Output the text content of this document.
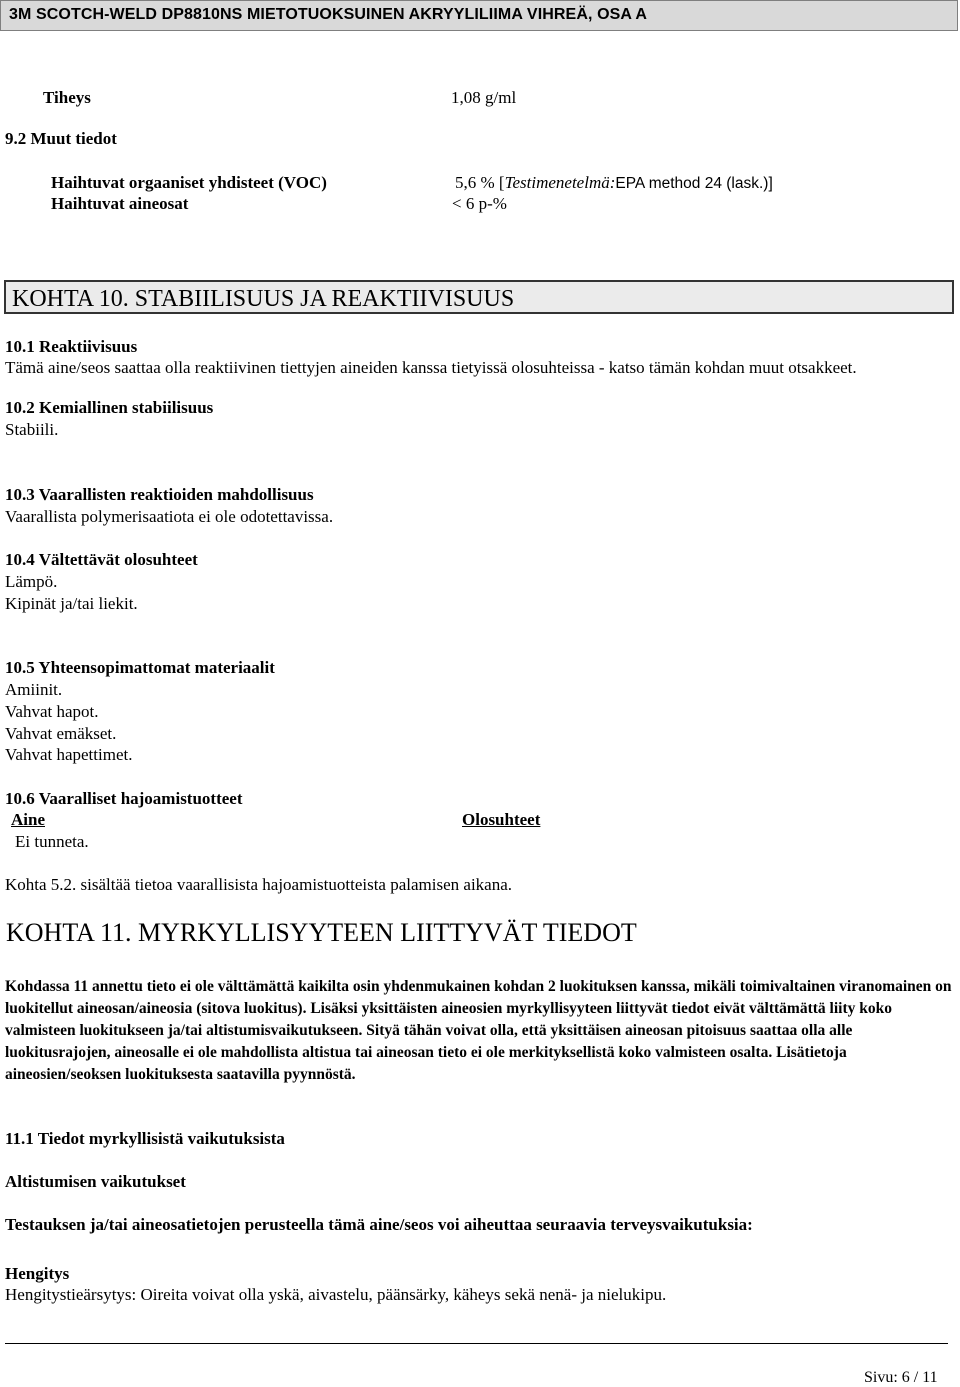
3M SCOTCH-WELD DP8810NS MIETOTUOKSUINEN AKRYYLILIIMA VIHREÄ, OSA A
Tiheys	1,08 g/ml
9.2 Muut tiedot
Haihtuvat orgaaniset yhdisteet (VOC)	5,6 % [Testimenetelmä:EPA method 24 (lask.)]
Haihtuvat aineosat	< 6 p-%
KOHTA 10. STABIILISUUS JA REAKTIIVISUUS
10.1 Reaktiivisuus
Tämä aine/seos saattaa olla reaktiivinen tiettyjen aineiden kanssa tietyissä olosuhteissa - katso tämän kohdan muut otsakkeet.
10.2 Kemiallinen stabiilisuus
Stabiili.
10.3 Vaarallisten reaktioiden mahdollisuus
Vaarallista polymerisaatiota ei ole odotettavissa.
10.4 Vältettävät olosuhteet
Lämpö.
Kipinät ja/tai liekit.
10.5 Yhteensopimattomat materiaalit
Amiinit.
Vahvat hapot.
Vahvat emäkset.
Vahvat hapettimet.
10.6 Vaaralliset hajoamistuotteet
Aine	Olosuhteet
Ei tunneta.
Kohta 5.2. sisältää tietoa vaarallisista hajoamistuotteista palamisen aikana.
KOHTA 11. MYRKYLLISYYTEEN LIITTYVÄT TIEDOT
Kohdassa 11 annettu tieto ei ole välttämättä kaikilta osin yhdenmukainen kohdan 2 luokituksen kanssa, mikäli toimivaltainen viranomainen on luokitellut aineosan/aineosia (sitova luokitus). Lisäksi yksittäisten aineosien myrkyllisyyteen liittyvät tiedot eivät välttämättä liity koko valmisteen luokitukseen ja/tai altistumisvaikutukseen. Sityä tähän voivat olla, että yksittäisen aineosan pitoisuus saattaa olla alle luokitusrajojen, aineosalle ei ole mahdollista altistua tai aineosan tieto ei ole merkityksellistä koko valmisteen osalta. Lisätietoja aineosien/seoksen luokituksesta saatavilla pyynnöstä.
11.1 Tiedot myrkyllisistä vaikutuksista
Altistumisen vaikutukset
Testauksen ja/tai aineosatietojen perusteella tämä aine/seos voi aiheuttaa seuraavia terveysvaikutuksia:
Hengitys
Hengitystieärsytys: Oireita voivat olla yskä, aivastelu, päänsärky, käheys sekä nenä- ja nielukipu.
Sivu: 6 / 11
